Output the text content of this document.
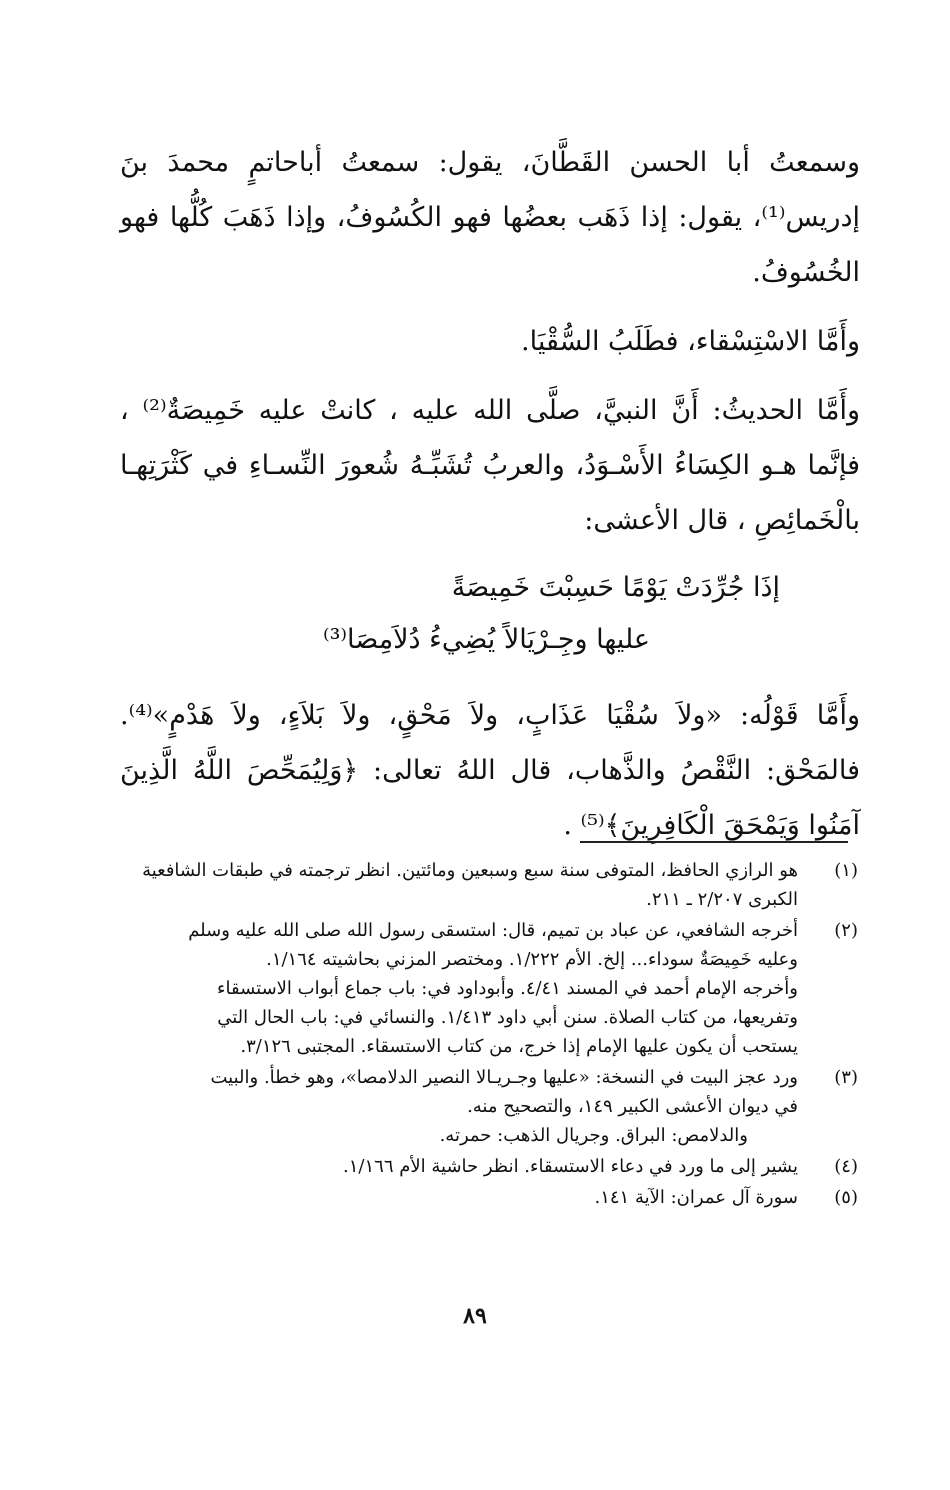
وسمعتُ أبا الحسن القَطَّانَ، يقول: سمعتُ أباحاتمٍ محمدَ بنَ إدريس⁽¹⁾، يقول: إذا ذَهَب بعضُها فهو الكُسُوفُ، وإذا ذَهَبَ كُلُّها فهو الخُسُوفُ.

وأَمَّا الاسْتِسْقاء، فطَلَبُ السُّقْيَا.

وأَمَّا الحديثُ: أَنَّ النبيَّ، صلَّى الله عليه ، كانتْ عليه خَمِيصَةٌ⁽²⁾ ، فإنَّما هـو الكِسَاءُ الأَسْـوَدُ، والعربُ تُشَبِّـهُ شُعورَ النِّسـاءِ في كَثْرَتِهـا بالْخَمائِصِ ، قال الأعشى:

إذَا جُرِّدَتْ يَوْمًا حَسِبْتَ خَمِيصَةً

عليها وجِـرْيَالاً يُضِيءُ دُلاَمِصَا⁽³⁾

وأَمَّا قَوْلُه: «ولاَ سُقْيَا عَذَابٍ، ولاَ مَحْقٍ، ولاَ بَلاَءٍ، ولاَ هَدْمٍ»⁽⁴⁾. فالمَحْق: النَّقْصُ والذَّهاب، قال اللهُ تعالى: ﴿وَلِيُمَحِّصَ اللَّهُ الَّذِينَ آمَنُوا وَيَمْحَقَ الْكَافِرِينَ﴾⁽⁵⁾ .

(١)
هو الرازي الحافظ، المتوفى سنة سبع وسبعين ومائتين. انظر ترجمته في طبقات الشافعية
الكبرى ٢/٢٠٧ ـ ٢١١.
(٢)
أخرجه الشافعي، عن عباد بن تميم، قال: استسقى رسول الله صلى الله عليه وسلم
وعليه خَمِيصَةٌ سوداء... إلخ. الأم ١/٢٢٢. ومختصر المزني بحاشيته ١/١٦٤.
وأخرجه الإمام أحمد في المسند ٤/٤١. وأبوداود في: باب جماع أبواب الاستسقاء
وتفريعها، من كتاب الصلاة. سنن أبي داود ١/٤١٣. والنسائي في: باب الحال التي
يستحب أن يكون عليها الإمام إذا خرج، من كتاب الاستسقاء. المجتبى ٣/١٢٦.
(٣)
ورد عجز البيت في النسخة: «عليها وجـريـالا النصير الدلامصا»، وهو خطأ. والبيت
في ديوان الأعشى الكبير ١٤٩، والتصحيح منه.
والدلامص: البراق. وجريال الذهب: حمرته.
(٤)
يشير إلى ما ورد في دعاء الاستسقاء. انظر حاشية الأم ١/١٦٦.
(٥)
سورة آل عمران: الآية ١٤١.
٨٩
